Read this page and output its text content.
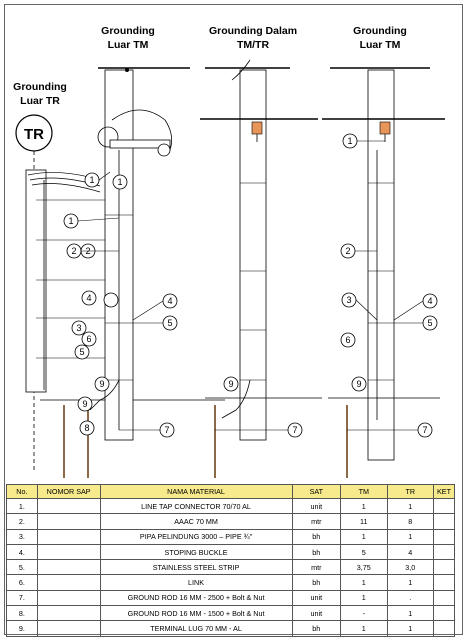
Grounding
Luar TR
Grounding
Luar TM
Grounding Dalam
TM/TR
Grounding
Luar TM
TR
1
1
2
4
3
6
5
8
1
2
4
5
9
9
7
9
7
1
2
3	4
5
6
9
7
No.	NOMOR SAP	NAMA MATERIAL	SAT	TM	TR	KET
1.		LINE TAP CONNECTOR 70/70 AL	unit	1	1	
2.		AAAC 70 MM	mtr	11	8	
3.		PIPA PELINDUNG 3000 – PIPE ¾"	bh	1	1	
4.		STOPING BUCKLE	bh	5	4	
5.		STAINLESS STEEL STRIP	mtr	3,75	3,0	
6.		LINK	bh	1	1	
7.		GROUND ROD 16 MM - 2500 + Bolt & Nut	unit	1	.	
8.		GROUND ROD 16 MM - 1500 + Bolt & Nut	unit	-	1	
9.		TERMINAL LUG 70 MM - AL	bh	1	1	
